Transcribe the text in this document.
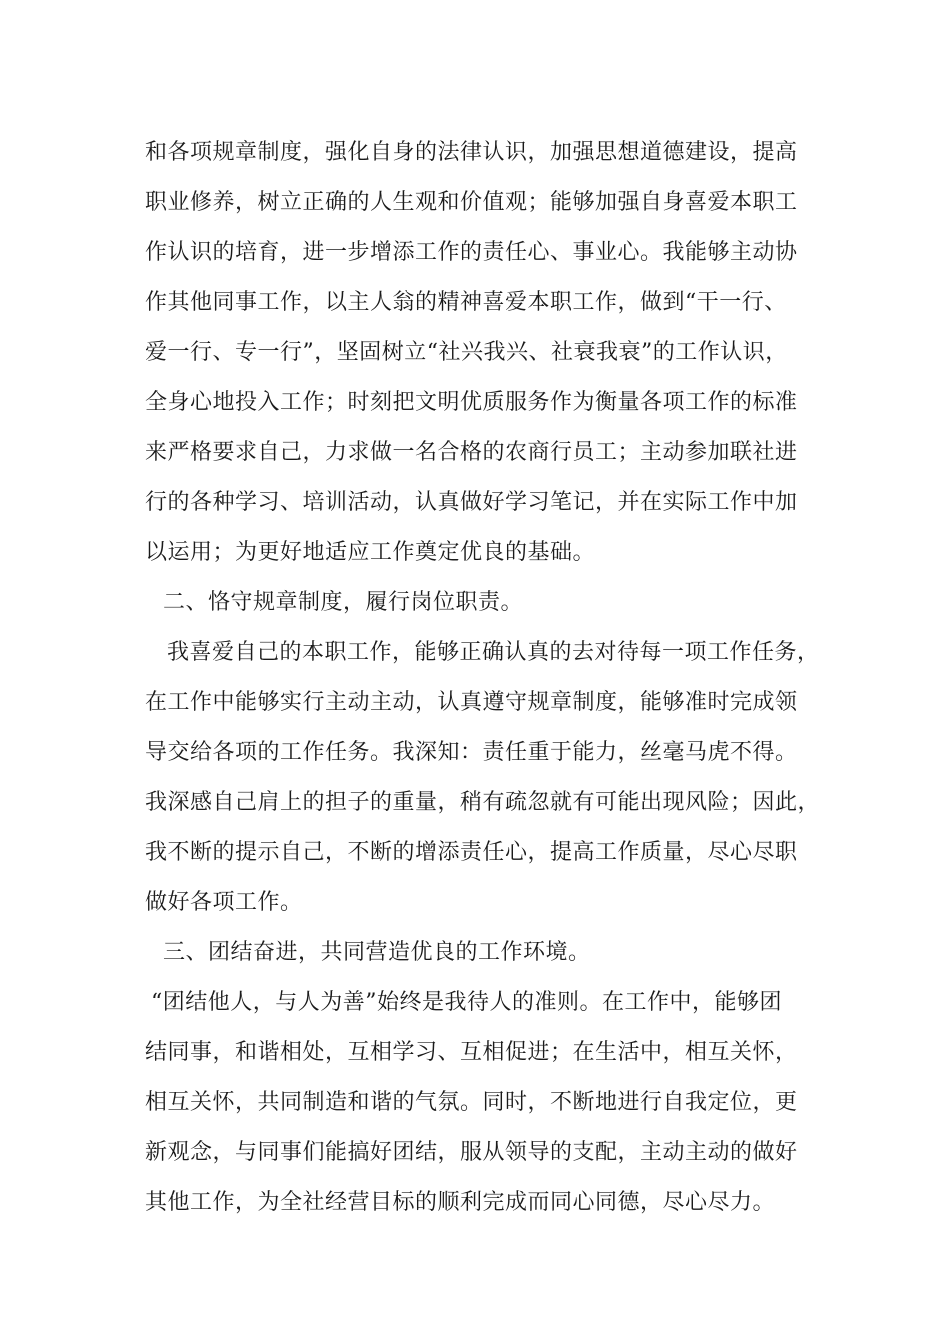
和各项规章制度，强化自身的法律认识，加强思想道德建设，提高
职业修养，树立正确的人生观和价值观；能够加强自身喜爱本职工
作认识的培育，进一步增添工作的责任心、事业心。我能够主动协
作其他同事工作，以主人翁的精神喜爱本职工作，做到“干一行、
爱一行、专一行”，坚固树立“社兴我兴、社衰我衰”的工作认识，
全身心地投入工作；时刻把文明优质服务作为衡量各项工作的标准
来严格要求自己，力求做一名合格的农商行员工；主动参加联社进
行的各种学习、培训活动，认真做好学习笔记，并在实际工作中加
以运用；为更好地适应工作奠定优良的基础。
二、恪守规章制度，履行岗位职责。
我喜爱自己的本职工作，能够正确认真的去对待每一项工作任务，
在工作中能够实行主动主动，认真遵守规章制度，能够准时完成领
导交给各项的工作任务。我深知：责任重于能力，丝毫马虎不得。
我深感自己肩上的担子的重量，稍有疏忽就有可能出现风险；因此，
我不断的提示自己，不断的增添责任心，提高工作质量，尽心尽职
做好各项工作。
三、团结奋进，共同营造优良的工作环境。
“团结他人，与人为善”始终是我待人的准则。在工作中，能够团
结同事，和谐相处，互相学习、互相促进；在生活中，相互关怀，
相互关怀，共同制造和谐的气氛。同时，不断地进行自我定位，更
新观念，与同事们能搞好团结，服从领导的支配，主动主动的做好
其他工作，为全社经营目标的顺利完成而同心同德，尽心尽力。
